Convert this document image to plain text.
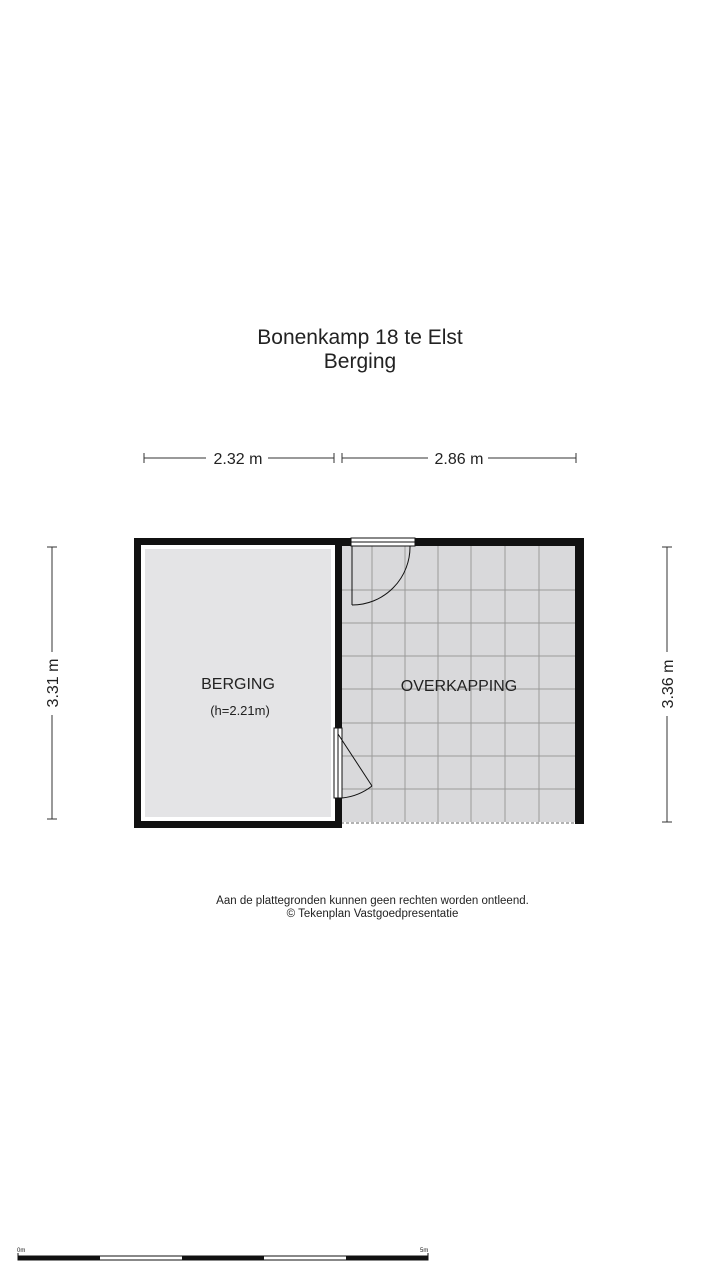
Bonenkamp 18 te Elst
Berging
2.32 m	2.86 m
3.31 m	3.36 m
BERGING
(h=2.21m)
OVERKAPPING
0m	5m
Aan de plattegronden kunnen geen rechten worden ontleend.
© Tekenplan Vastgoedpresentatie
